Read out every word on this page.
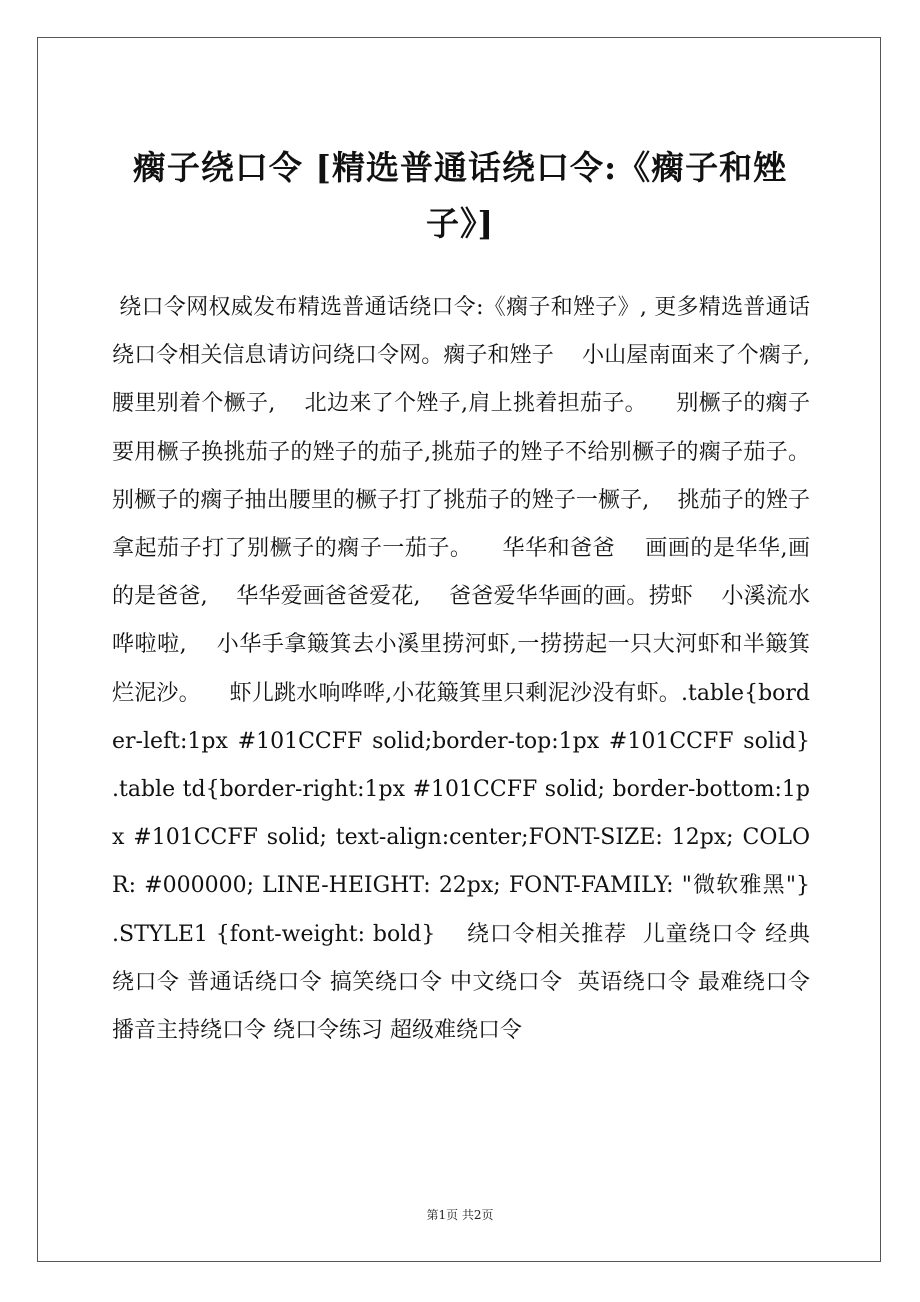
瘸子绕口令 [精选普通话绕口令:《瘸子和矬
子》]

绕口令网权威发布精选普通话绕口令:《瘸子和矬子》, 更多精选普通话绕口令相关信息请访问绕口令网。瘸子和矬子    小山屋南面来了个瘸子,腰里别着个橛子,    北边来了个矬子,肩上挑着担茄子。    别橛子的瘸子要用橛子换挑茄子的矬子的茄子,挑茄子的矬子不给别橛子的瘸子茄子。    别橛子的瘸子抽出腰里的橛子打了挑茄子的矬子一橛子,    挑茄子的矬子拿起茄子打了别橛子的瘸子一茄子。    华华和爸爸    画画的是华华,画的是爸爸,    华华爱画爸爸爱花,    爸爸爱华华画的画。捞虾    小溪流水哗啦啦,    小华手拿簸箕去小溪里捞河虾,一捞捞起一只大河虾和半簸箕烂泥沙。    虾儿跳水响哗哗,小花簸箕里只剩泥沙没有虾。.table{border-left:1px #101CCFF solid;border-top:1px #101CCFF solid} .table td{border-right:1px #101CCFF solid; border-bottom:1px #101CCFF solid; text-align:center;FONT-SIZE: 12px; COLOR: #000000; LINE-HEIGHT: 22px; FONT-FAMILY: "微软雅黑"} .STYLE1 {font-weight: bold}    绕口令相关推荐  儿童绕口令 经典绕口令 普通话绕口令 搞笑绕口令 中文绕口令  英语绕口令 最难绕口令 播音主持绕口令 绕口令练习 超级难绕口令

第1页 共2页
